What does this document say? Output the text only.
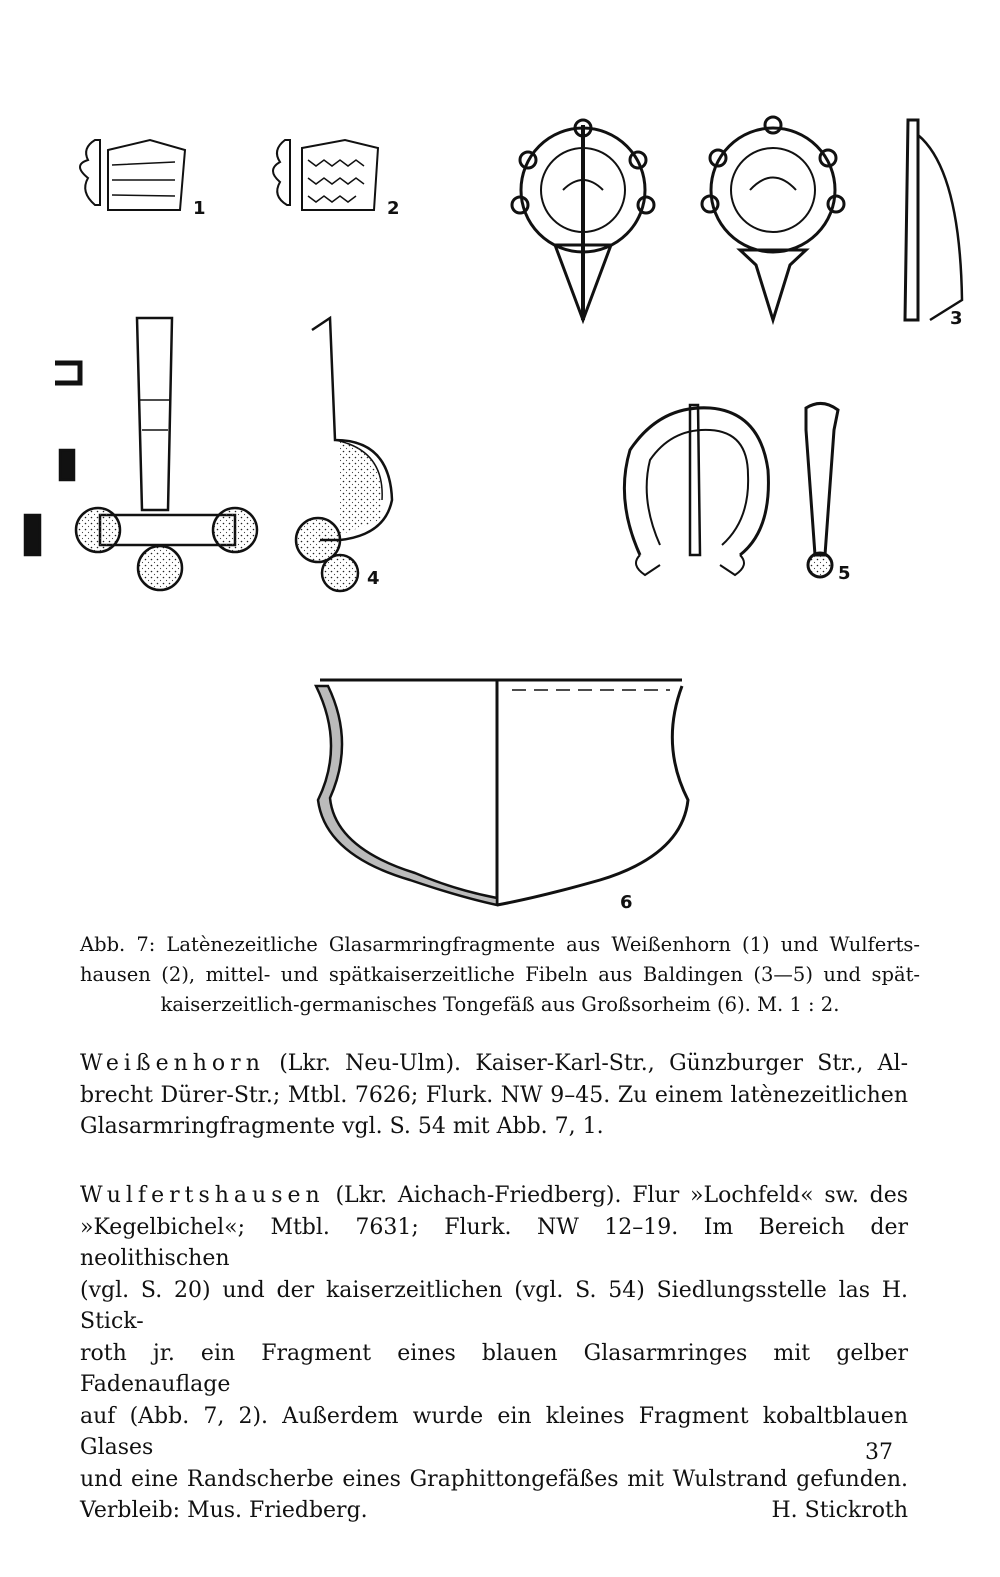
1	2
3
4	5
6

Abb. 7: Latènezeitliche Glasarmringfragmente aus Weißenhorn (1) und Wulferts-

hausen (2), mittel- und spätkaiserzeitliche Fibeln aus Baldingen (3—5) und spät-

kaiserzeitlich-germanisches Tongefäß aus Großsorheim (6). M. 1 : 2.

Weißenhorn (Lkr. Neu-Ulm). Kaiser-Karl-Str., Günzburger Str., Al-

brecht Dürer-Str.; Mtbl. 7626; Flurk. NW 9–45. Zu einem latènezeitlichen

Glasarmringfragmente vgl. S. 54 mit Abb. 7, 1.

Wulfertshausen (Lkr. Aichach-Friedberg). Flur »Lochfeld« sw. des

»Kegelbichel«; Mtbl. 7631; Flurk. NW 12–19. Im Bereich der neolithischen

(vgl. S. 20) und der kaiserzeitlichen (vgl. S. 54) Siedlungsstelle las H. Stick-

roth jr. ein Fragment eines blauen Glasarmringes mit gelber Fadenauflage

auf (Abb. 7, 2). Außerdem wurde ein kleines Fragment kobaltblauen Glases

und eine Randscherbe eines Graphittongefäßes mit Wulstrand gefunden.

Verbleib: Mus. Friedberg.	H. Stickroth
37
